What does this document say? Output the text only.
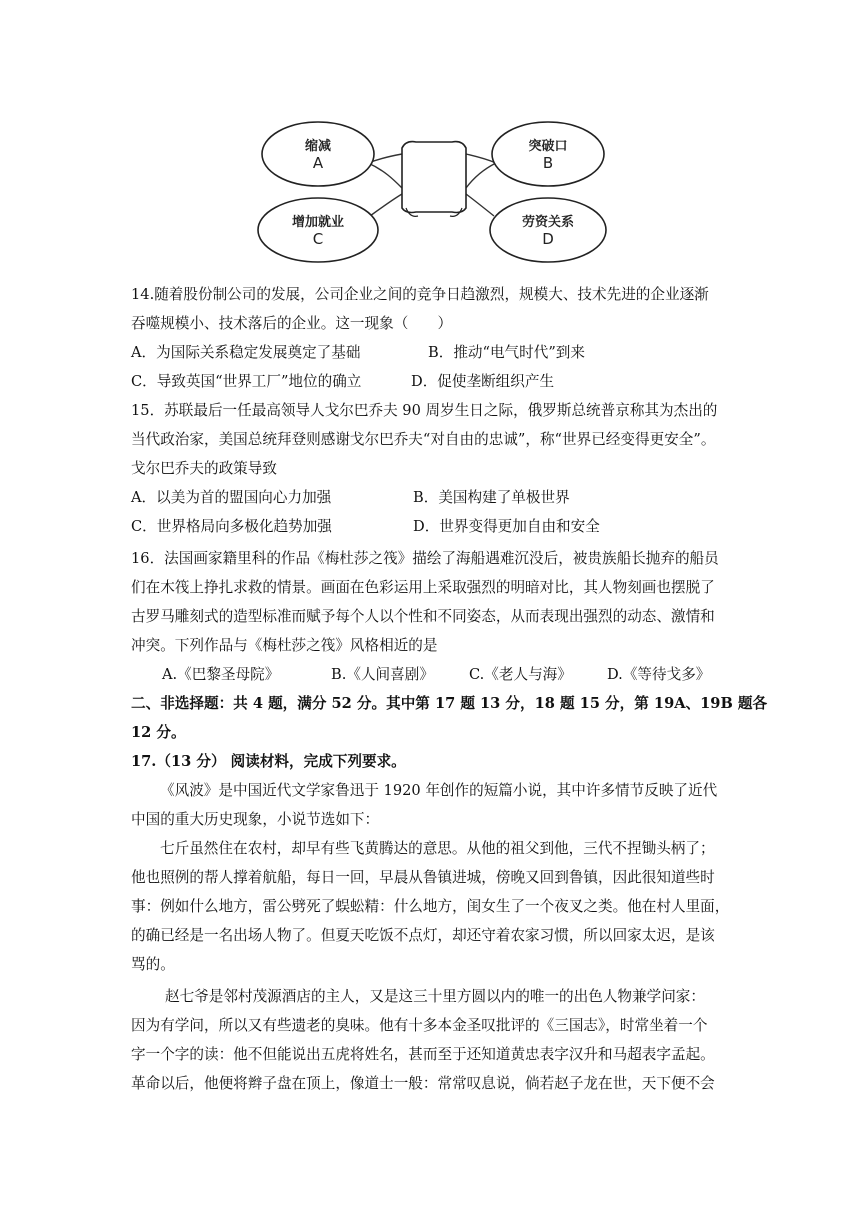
缩减
A
突破口
B
增加就业
C
劳资关系
D
14.随着股份制公司的发展，公司企业之间的竞争日趋激烈，规模大、技术先进的企业逐渐
吞噬规模小、技术落后的企业。这一现象（　　）
A．为国际关系稳定发展奠定了基础	B．推动“电气时代”到来
C．导致英国“世界工厂”地位的确立	D．促使垄断组织产生
15．苏联最后一任最高领导人戈尔巴乔夫 90 周岁生日之际，俄罗斯总统普京称其为杰出的
当代政治家，美国总统拜登则感谢戈尔巴乔夫“对自由的忠诚”，称“世界已经变得更安全”。
戈尔巴乔夫的政策导致
A．以美为首的盟国向心力加强	B．美国构建了单极世界
C．世界格局向多极化趋势加强	D．世界变得更加自由和安全
16．法国画家籍里科的作品《梅杜莎之筏》描绘了海船遇难沉没后，被贵族船长抛弃的船员
们在木筏上挣扎求救的情景。画面在色彩运用上采取强烈的明暗对比，其人物刻画也摆脱了
古罗马雕刻式的造型标准而赋予每个人以个性和不同姿态，从而表现出强烈的动态、激情和
冲突。下列作品与《梅杜莎之筏》风格相近的是
A.《巴黎圣母院》	B.《人间喜剧》 C.《老人与海》 D.《等待戈多》
二、非选择题：共 4 题，满分 52 分。其中第 17 题 13 分，18 题 15 分，第 19A、19B 题各
12 分。
17.（13 分） 阅读材料，完成下列要求。
《风波》是中国近代文学家鲁迅于 1920 年创作的短篇小说，其中许多情节反映了近代
中国的重大历史现象，小说节选如下：
七斤虽然住在农村，却早有些飞黄腾达的意思。从他的祖父到他，三代不捏锄头柄了；
他也照例的帮人撑着航船，每日一回，早晨从鲁镇进城，傍晚又回到鲁镇，因此很知道些时
事：例如什么地方，雷公劈死了蜈蚣精：什么地方，闺女生了一个夜叉之类。他在村人里面，
的确已经是一名出场人物了。但夏天吃饭不点灯，却还守着农家习惯，所以回家太迟，是该
骂的。
赵七爷是邻村茂源酒店的主人，又是这三十里方圆以内的唯一的出色人物兼学问家：
因为有学问，所以又有些遗老的臭味。他有十多本金圣叹批评的《三国志》，时常坐着一个
字一个字的读：他不但能说出五虎将姓名，甚而至于还知道黄忠表字汉升和马超表字孟起。
革命以后，他便将辫子盘在顶上，像道士一般：常常叹息说，倘若赵子龙在世，天下便不会
